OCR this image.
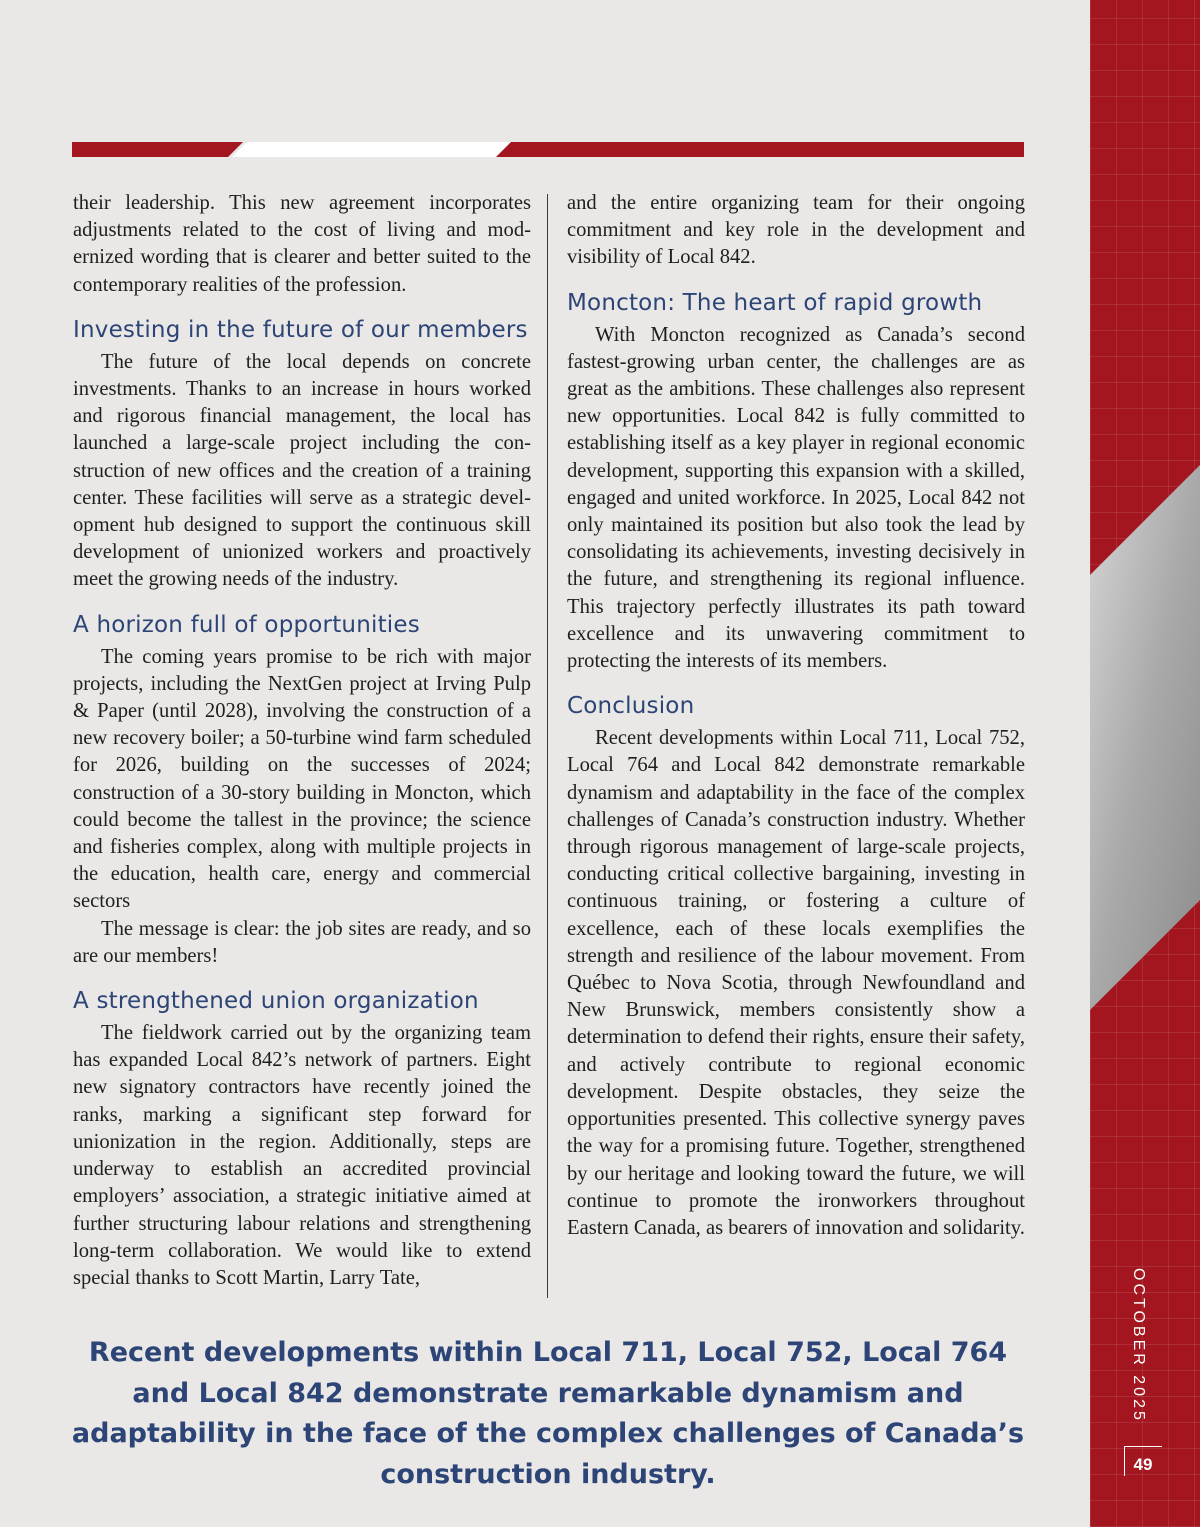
OCTOBER 2025
49

their leadership. This new agreement incorporates adjustments related to the cost of living and modernized wording that is clearer and better suited to the contemporary realities of the profession.

Investing in the future of our members

The future of the local depends on concrete investments. Thanks to an increase in hours worked and rigorous financial management, the local has launched a large-scale project including the construction of new offices and the creation of a training center. These facilities will serve as a strategic development hub designed to support the continuous skill development of unionized workers and proactively meet the growing needs of the industry.

A horizon full of opportunities

The coming years promise to be rich with major projects, including the NextGen project at Irving Pulp & Paper (until 2028), involving the construction of a new recovery boiler; a 50-turbine wind farm scheduled for 2026, building on the successes of 2024; construction of a 30-story building in Moncton, which could become the tallest in the province; the science and fisheries complex, along with multiple projects in the education, health care, energy and commercial sectors

The message is clear: the job sites are ready, and so are our members!

A strengthened union organization

The fieldwork carried out by the organizing team has expanded Local 842’s network of partners. Eight new signatory contractors have recently joined the ranks, marking a significant step forward for unionization in the region. Additionally, steps are underway to establish an accredited provincial employers’ association, a strategic initiative aimed at further structuring labour relations and strengthening long-term collaboration. We would like to extend special thanks to Scott Martin, Larry Tate,

and the entire organizing team for their ongoing commitment and key role in the development and visibility of Local 842.

Moncton: The heart of rapid growth

With Moncton recognized as Canada’s second fastest-growing urban center, the challenges are as great as the ambitions. These challenges also represent new opportunities. Local 842 is fully committed to establishing itself as a key player in regional economic development, supporting this expansion with a skilled, engaged and united workforce. In 2025, Local 842 not only maintained its position but also took the lead by consolidating its achievements, investing decisively in the future, and strengthening its regional influence. This trajectory perfectly illustrates its path toward excellence and its unwavering commitment to protecting the interests of its members.

Conclusion

Recent developments within Local 711, Local 752, Local 764 and Local 842 demonstrate remarkable dynamism and adaptability in the face of the complex challenges of Canada’s construction industry. Whether through rigorous management of large-scale projects, conducting critical collective bargaining, investing in continuous training, or fostering a culture of excellence, each of these locals exemplifies the strength and resilience of the labour movement. From Québec to Nova Scotia, through Newfoundland and New Brunswick, members consistently show a determination to defend their rights, ensure their safety, and actively contribute to regional economic development. Despite obstacles, they seize the opportunities presented. This collective synergy paves the way for a promising future. Together, strengthened by our heritage and looking toward the future, we will continue to promote the ironworkers throughout Eastern Canada, as bearers of innovation and solidarity.

Recent developments within Local 711, Local 752, Local 764 and Local 842 demonstrate remarkable dynamism and adaptability in the face of the complex challenges of Canada’s construction industry.
